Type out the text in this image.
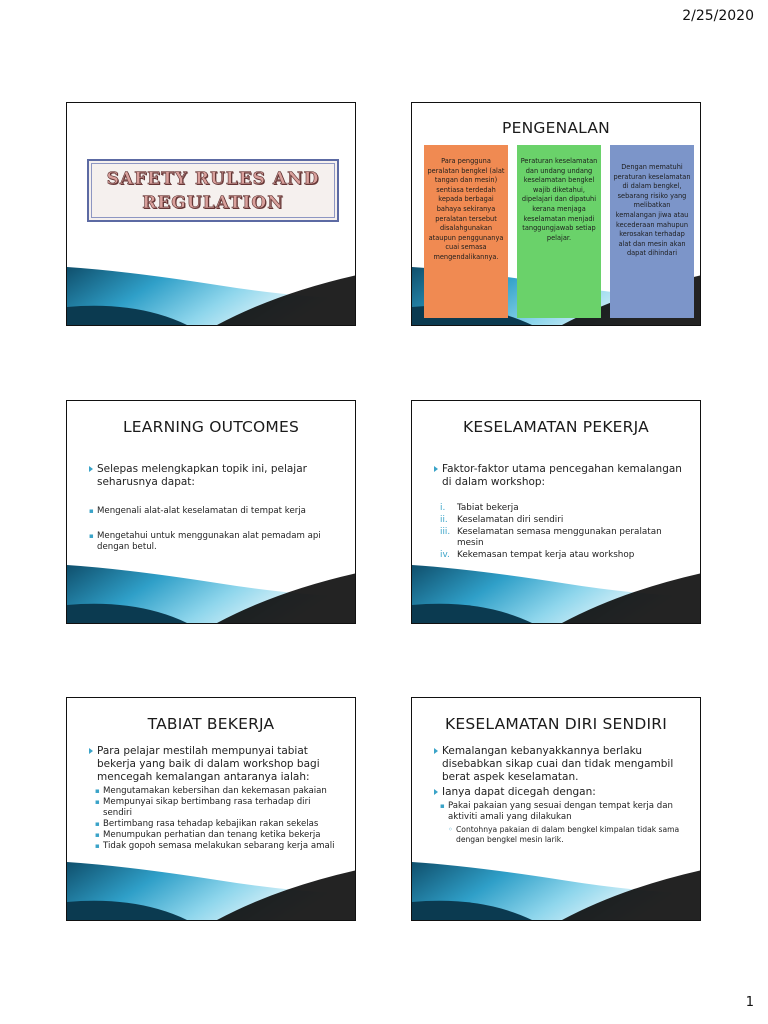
2/25/2020
SAFETY RULES AND
REGULATION
PENGENALAN
Para pengguna peralatan bengkel (alat tangan dan mesin) sentiasa terdedah kepada berbagai bahaya sekiranya peralatan tersebut disalahgunakan ataupun penggunanya cuai semasa mengendalikannya.
Peraturan keselamatan dan undang undang keselamatan bengkel wajib diketahui, dipelajari dan dipatuhi kerana menjaga keselamatan menjadi tanggungjawab setiap pelajar.
Dengan mematuhi peraturan keselamatan di dalam bengkel, sebarang risiko yang melibatkan kemalangan jiwa atau kecederaan mahupun kerosakan terhadap alat dan mesin akan dapat dihindari
LEARNING OUTCOMES
Selepas melengkapkan topik ini, pelajar seharusnya dapat:
▪ Mengenali alat-alat keselamatan di tempat kerja
▪ Mengetahui untuk menggunakan alat pemadam api dengan betul.
KESELAMATAN PEKERJA
Faktor-faktor utama pencegahan kemalangan di dalam workshop:
i.	Tabiat bekerja
ii.	Keselamatan diri sendiri
iii. Keselamatan semasa menggunakan peralatan mesin
iv. Kekemasan tempat kerja atau workshop
TABIAT BEKERJA
Para pelajar mestilah mempunyai tabiat bekerja yang baik di dalam workshop bagi mencegah kemalangan antaranya ialah:
▪ Mengutamakan kebersihan dan kekemasan pakaian
▪ Mempunyai sikap bertimbang rasa terhadap diri sendiri
▪ Bertimbang rasa tehadap kebajikan rakan sekelas
▪ Menumpukan perhatian dan tenang ketika bekerja
▪ Tidak gopoh semasa melakukan sebarang kerja amali
KESELAMATAN DIRI SENDIRI
Kemalangan kebanyakkannya berlaku disebabkan sikap cuai dan tidak mengambil berat aspek keselamatan.
Ianya dapat dicegah dengan:
▪ Pakai pakaian yang sesuai dengan tempat kerja dan aktiviti amali yang dilakukan
◦ Contohnya pakaian di dalam bengkel kimpalan tidak sama dengan bengkel mesin larik.
1
